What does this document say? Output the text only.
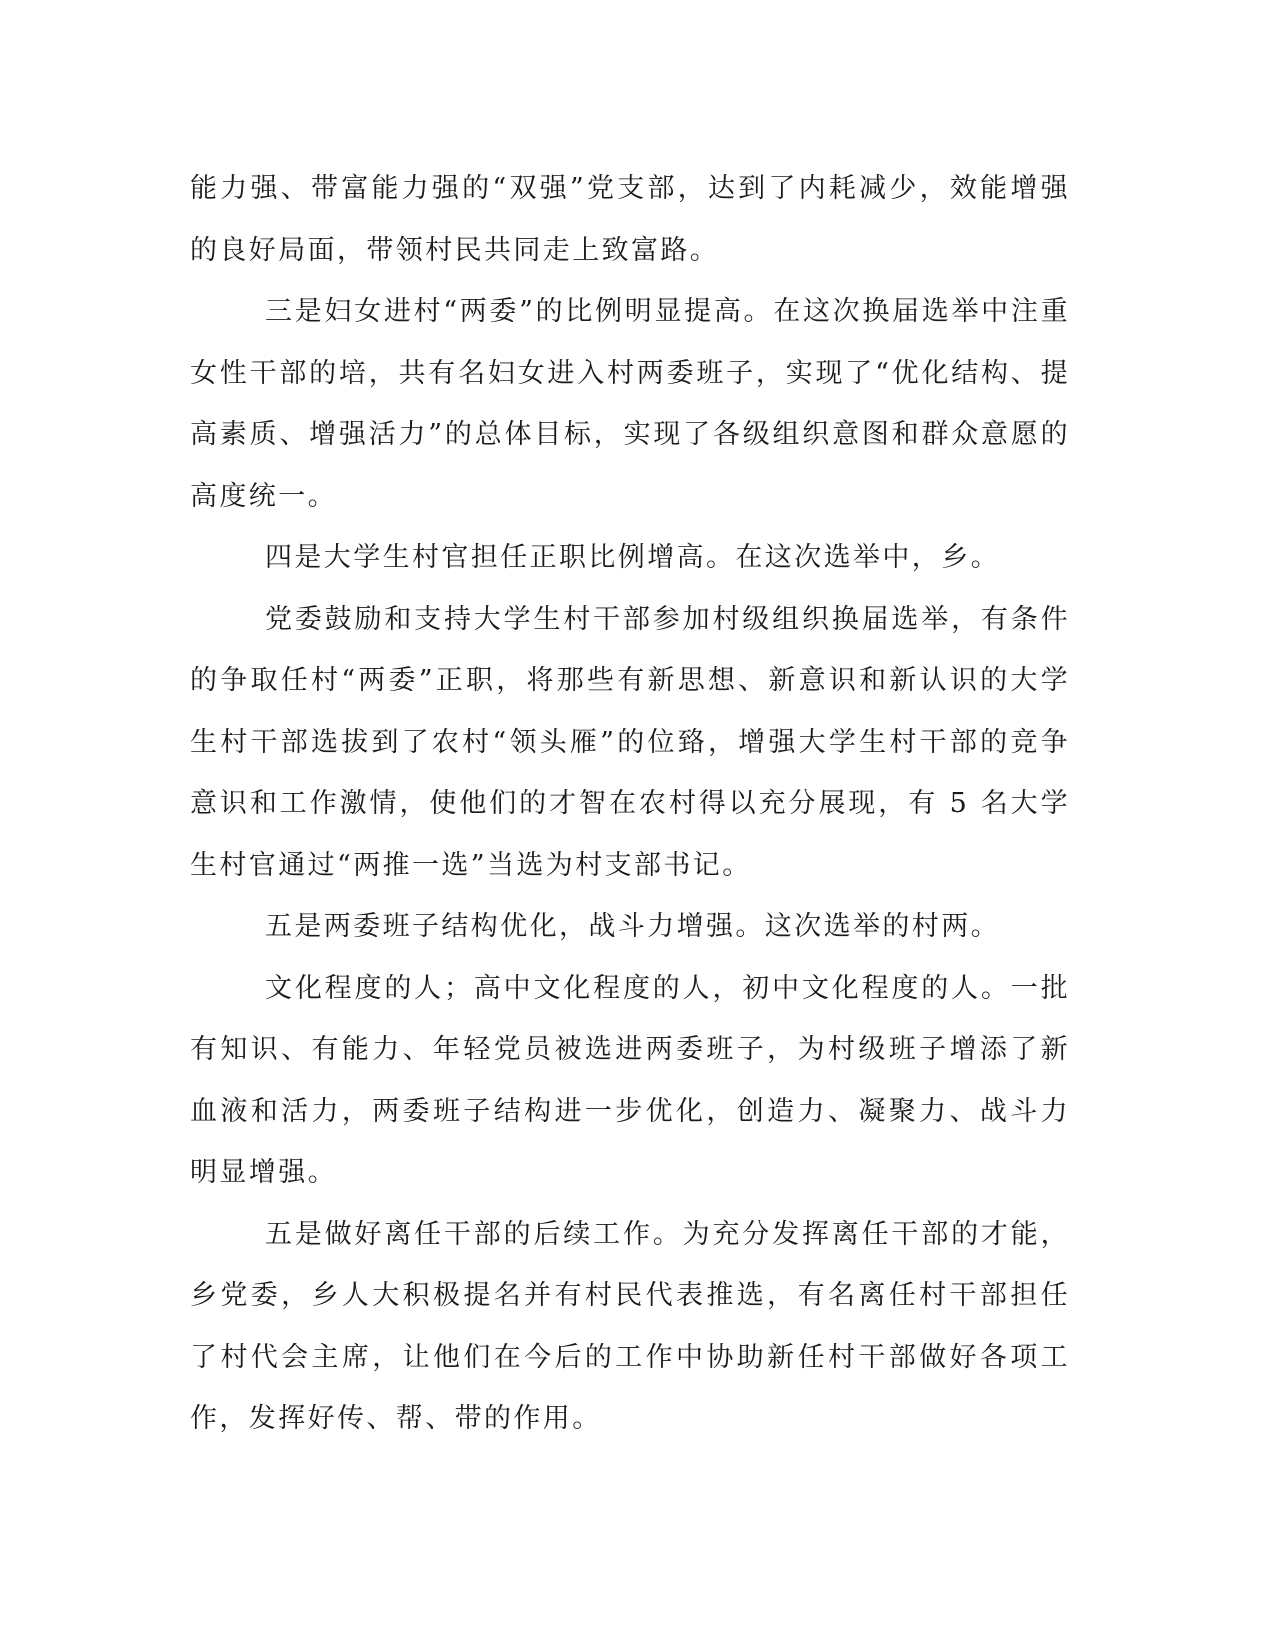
能力强、带富能力强的“双强”党支部，达到了内耗减少，效能增强的良好局面，带领村民共同走上致富路。

三是妇女进村“两委”的比例明显提高。在这次换届选举中注重女性干部的培，共有名妇女进入村两委班子，实现了“优化结构、提高素质、增强活力”的总体目标，实现了各级组织意图和群众意愿的高度统一。

四是大学生村官担任正职比例增高。在这次选举中，乡。

党委鼓励和支持大学生村干部参加村级组织换届选举，有条件的争取任村“两委”正职，将那些有新思想、新意识和新认识的大学生村干部选拔到了农村“领头雁”的位臵，增强大学生村干部的竞争意识和工作激情，使他们的才智在农村得以充分展现，有 5 名大学生村官通过“两推一选”当选为村支部书记。

五是两委班子结构优化，战斗力增强。这次选举的村两。

文化程度的人；高中文化程度的人，初中文化程度的人。一批有知识、有能力、年轻党员被选进两委班子，为村级班子增添了新血液和活力，两委班子结构进一步优化，创造力、凝聚力、战斗力明显增强。

五是做好离任干部的后续工作。为充分发挥离任干部的才能，乡党委，乡人大积极提名并有村民代表推选，有名离任村干部担任了村代会主席，让他们在今后的工作中协助新任村干部做好各项工作，发挥好传、帮、带的作用。
